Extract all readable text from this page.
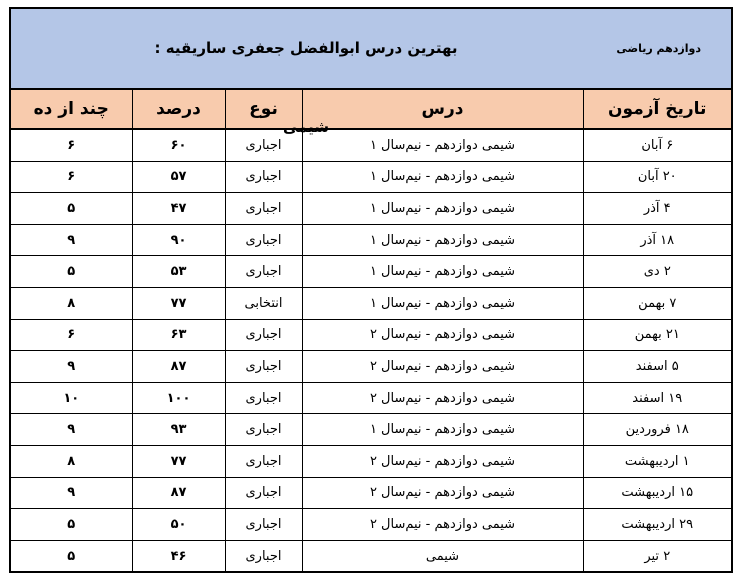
دوازدهم ریاضی
بهترین درس ابوالفضل جعفری ساریقیه : شیمی
تاریخ آزمون	درس	نوع	درصد	چند از ده
۶ آبان	شیمی دوازدهم - نیم‌سال ۱	اجباری	۶۰	۶
۲۰ آبان	شیمی دوازدهم - نیم‌سال ۱	اجباری	۵۷	۶
۴ آذر	شیمی دوازدهم - نیم‌سال ۱	اجباری	۴۷	۵
۱۸ آذر	شیمی دوازدهم - نیم‌سال ۱	اجباری	۹۰	۹
۲ دی	شیمی دوازدهم - نیم‌سال ۱	اجباری	۵۳	۵
۷ بهمن	شیمی دوازدهم - نیم‌سال ۱	انتخابی	۷۷	۸
۲۱ بهمن	شیمی دوازدهم - نیم‌سال ۲	اجباری	۶۳	۶
۵ اسفند	شیمی دوازدهم - نیم‌سال ۲	اجباری	۸۷	۹
۱۹ اسفند	شیمی دوازدهم - نیم‌سال ۲	اجباری	۱۰۰	۱۰
۱۸ فروردین	شیمی دوازدهم - نیم‌سال ۱	اجباری	۹۳	۹
۱ اردیبهشت	شیمی دوازدهم - نیم‌سال ۲	اجباری	۷۷	۸
۱۵ اردیبهشت	شیمی دوازدهم - نیم‌سال ۲	اجباری	۸۷	۹
۲۹ اردیبهشت	شیمی دوازدهم - نیم‌سال ۲	اجباری	۵۰	۵
۲ تیر	شیمی	اجباری	۴۶	۵
